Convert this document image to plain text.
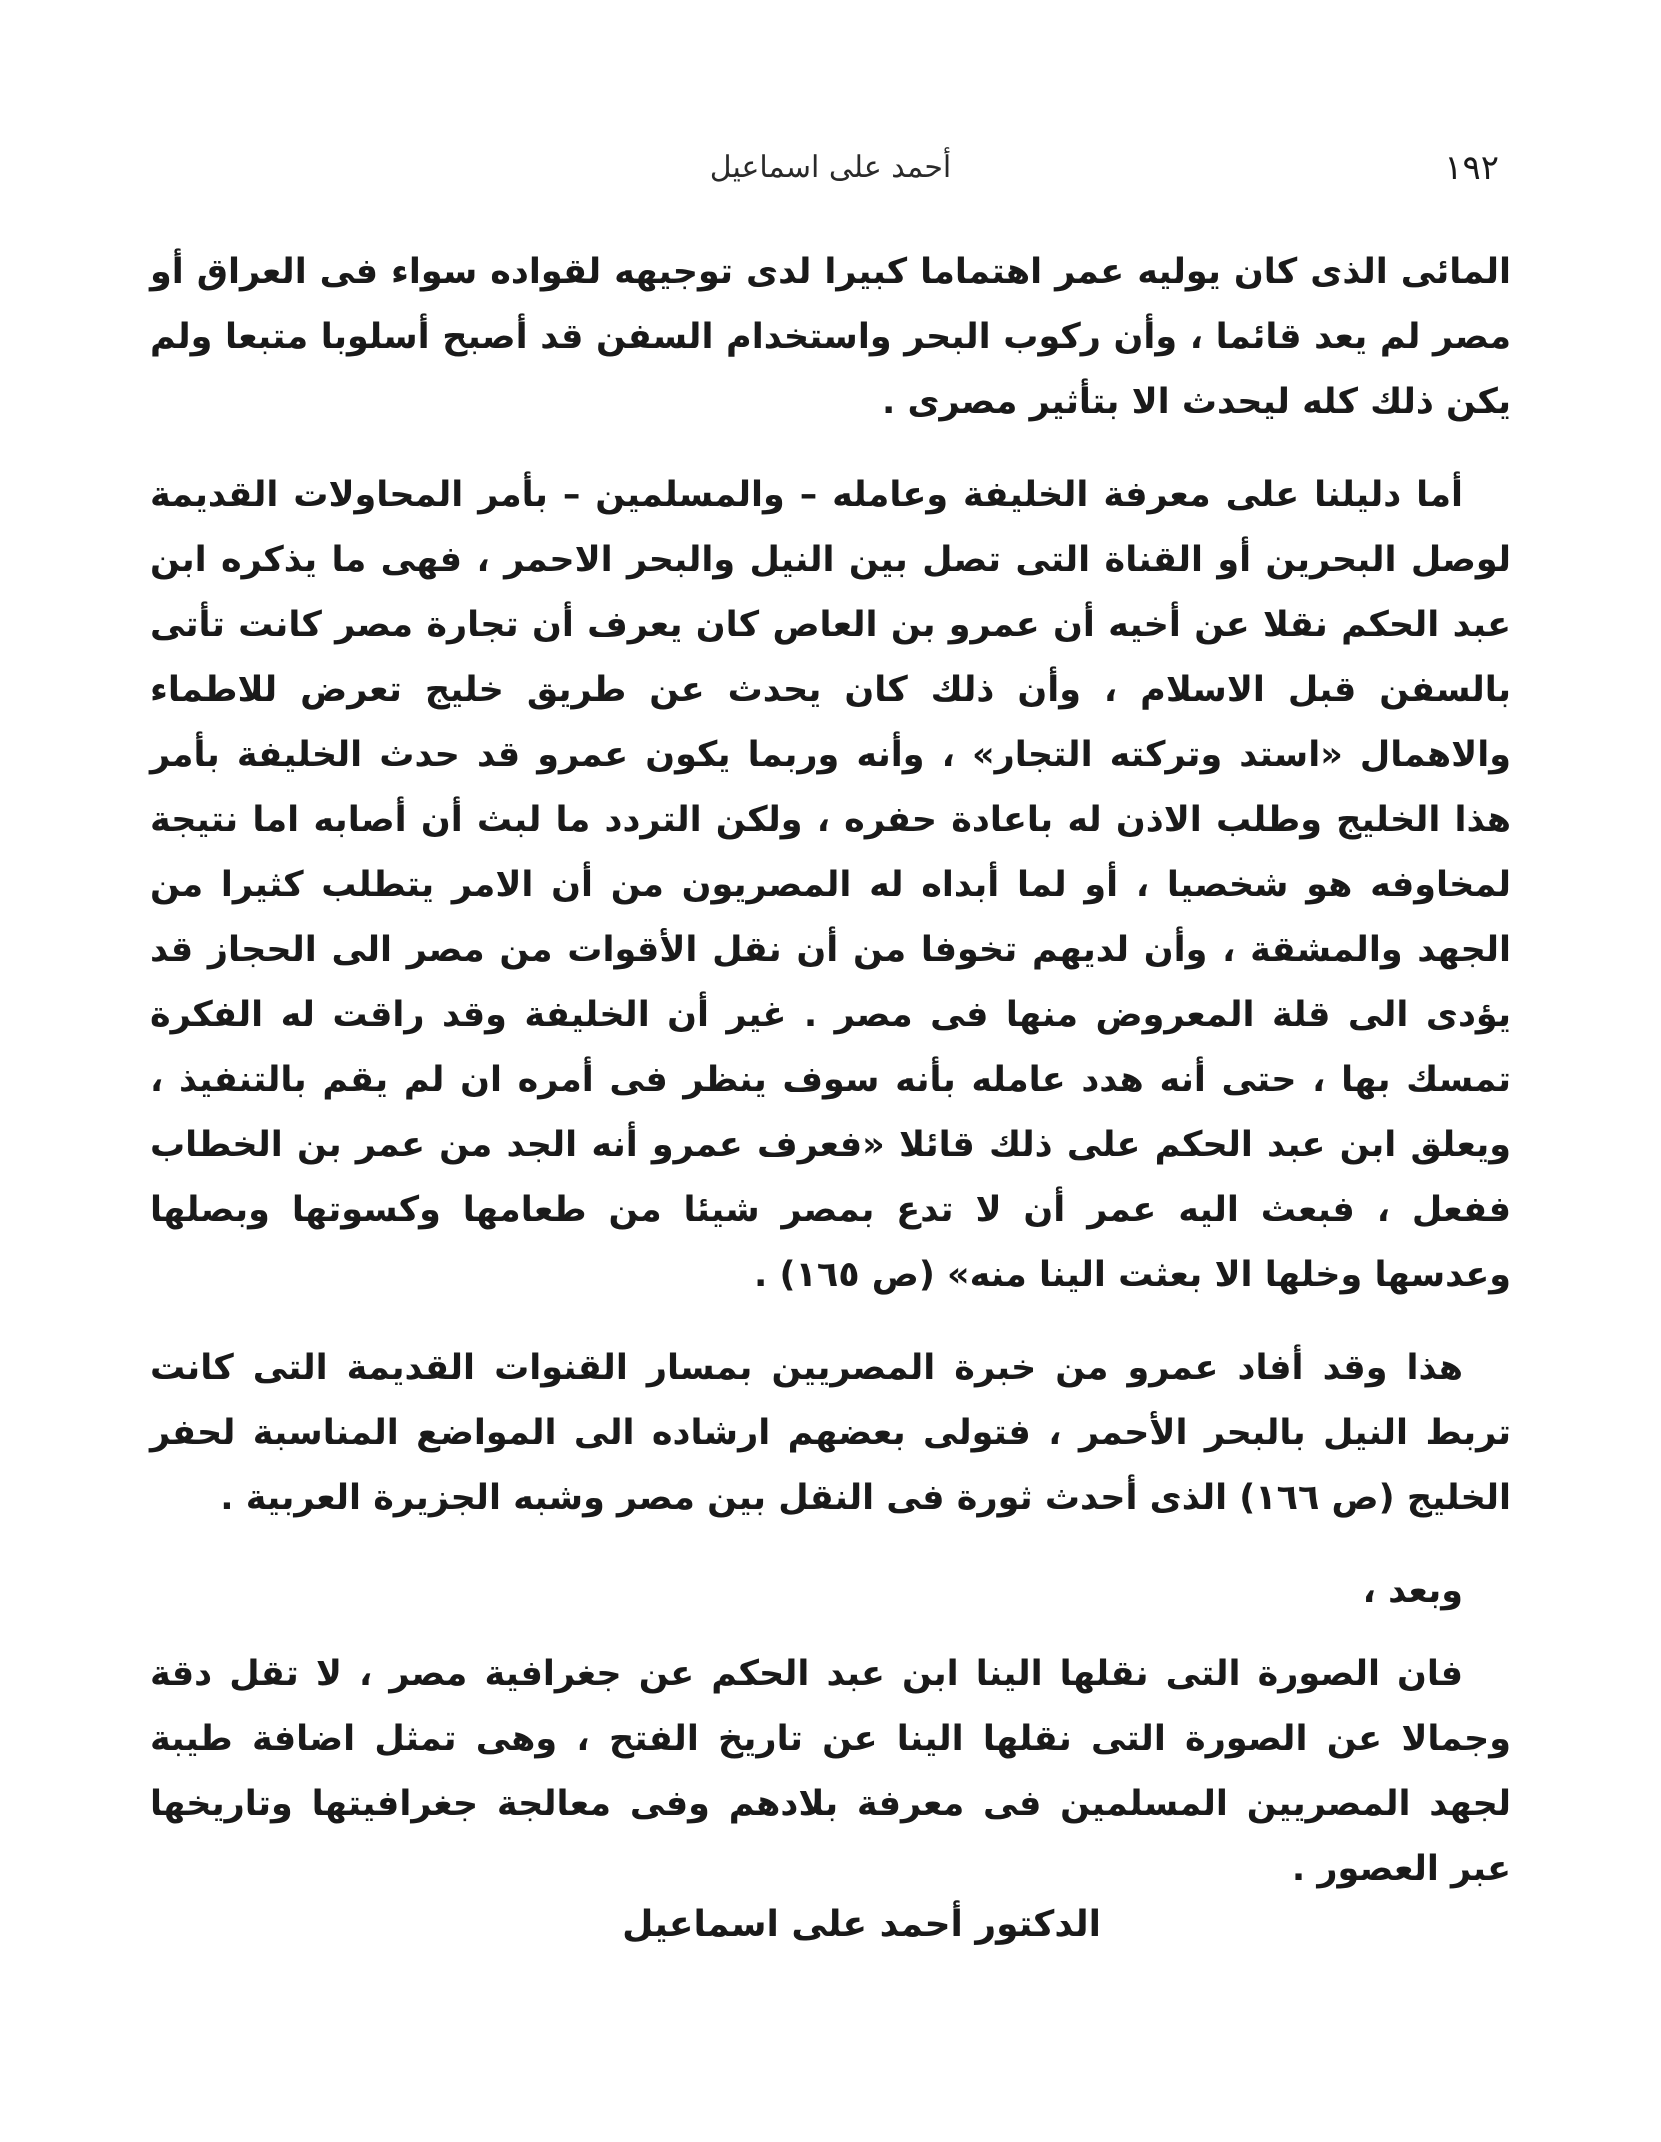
١٩٢
أحمد على اسماعيل

المائى الذى كان يوليه عمر اهتماما كبيرا لدى توجيهه لقواده سواء فى العراق أو مصر لم يعد قائما ، وأن ركوب البحر واستخدام السفن قد أصبح أسلوبا متبعا ولم يكن ذلك كله ليحدث الا بتأثير مصرى .

أما دليلنا على معرفة الخليفة وعامله – والمسلمين – بأمر المحاولات القديمة لوصل البحرين أو القناة التى تصل بين النيل والبحر الاحمر ، فهى ما يذكره ابن عبد الحكم نقلا عن أخيه أن عمرو بن العاص كان يعرف أن تجارة مصر كانت تأتى بالسفن قبل الاسلام ، وأن ذلك كان يحدث عن طريق خليج تعرض للاطماء والاهمال «استد وتركته التجار» ، وأنه وربما يكون عمرو قد حدث الخليفة بأمر هذا الخليج وطلب الاذن له باعادة حفره ، ولكن التردد ما لبث أن أصابه اما نتيجة لمخاوفه هو شخصيا ، أو لما أبداه له المصريون من أن الامر يتطلب كثيرا من الجهد والمشقة ، وأن لديهم تخوفا من أن نقل الأقوات من مصر الى الحجاز قد يؤدى الى قلة المعروض منها فى مصر . غير أن الخليفة وقد راقت له الفكرة تمسك بها ، حتى أنه هدد عامله بأنه سوف ينظر فى أمره ان لم يقم بالتنفيذ ، ويعلق ابن عبد الحكم على ذلك قائلا «فعرف عمرو أنه الجد من عمر بن الخطاب ففعل ، فبعث اليه عمر أن لا تدع بمصر شيئا من طعامها وكسوتها وبصلها وعدسها وخلها الا بعثت الينا منه» (ص ١٦٥) .

هذا وقد أفاد عمرو من خبرة المصريين بمسار القنوات القديمة التى كانت تربط النيل بالبحر الأحمر ، فتولى بعضهم ارشاده الى المواضع المناسبة لحفر الخليج (ص ١٦٦) الذى أحدث ثورة فى النقل بين مصر وشبه الجزيرة العربية .

وبعد ،

فان الصورة التى نقلها الينا ابن عبد الحكم عن جغرافية مصر ، لا تقل دقة وجمالا عن الصورة التى نقلها الينا عن تاريخ الفتح ، وهى تمثل اضافة طيبة لجهد المصريين المسلمين فى معرفة بلادهم وفى معالجة جغرافيتها وتاريخها عبر العصور .

الدكتور أحمد على اسماعيل
